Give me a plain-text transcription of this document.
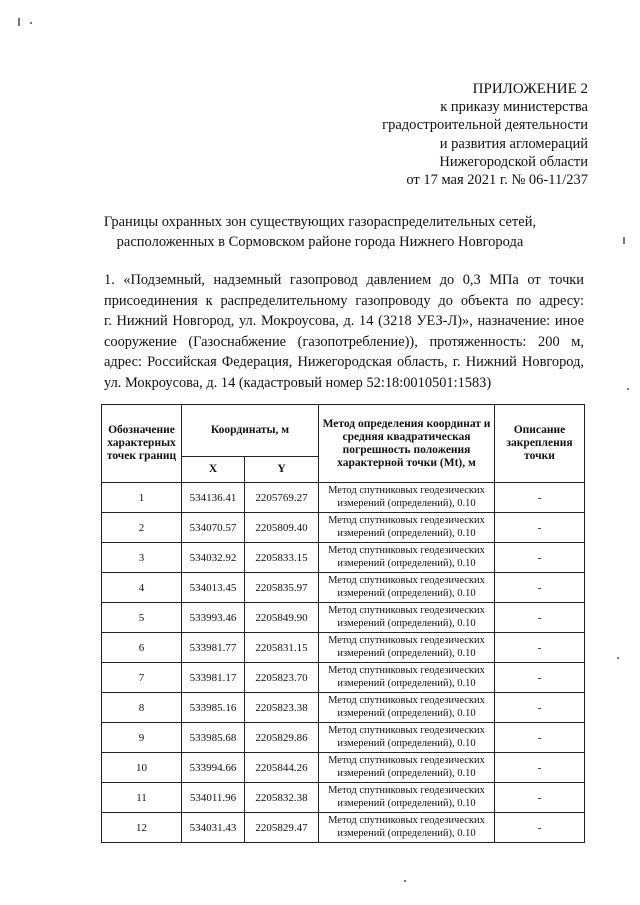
ПРИЛОЖЕНИЕ 2
к приказу министерства
градостроительной деятельности
и развития агломераций
Нижегородской области
от 17 мая 2021 г. № 06-11/237
Границы охранных зон существующих газораспределительных сетей,
расположенных в Сормовском районе города Нижнего Новгорода
1. «Подземный, надземный газопровод давлением до 0,3 МПа от точки
присоединения к распределительному газопроводу до объекта по адресу:
г. Нижний Новгород, ул. Мокроусова, д. 14 (3218 УЕЗ-Л)», назначение: иное
сооружение (Газоснабжение (газопотребление)), протяженность: 200 м,
адрес: Российская Федерация, Нижегородская область, г. Нижний Новгород,
ул. Мокроусова, д. 14 (кадастровый номер 52:18:0010501:1583)
Обозначение характерных точек границ	Координаты, м		Метод определения координат и средняя квадратическая погрешность положения характерной точки (Mt), м	Описание закрепления точки
	X	Y		
1	534136.41	2205769.27	Метод спутниковых геодезических измерений (определений), 0.10	-
2	534070.57	2205809.40	Метод спутниковых геодезических измерений (определений), 0.10	-
3	534032.92	2205833.15	Метод спутниковых геодезических измерений (определений), 0.10	-
4	534013.45	2205835.97	Метод спутниковых геодезических измерений (определений), 0.10	-
5	533993.46	2205849.90	Метод спутниковых геодезических измерений (определений), 0.10	-
6	533981.77	2205831.15	Метод спутниковых геодезических измерений (определений), 0.10	-
7	533981.17	2205823.70	Метод спутниковых геодезических измерений (определений), 0.10	-
8	533985.16	2205823.38	Метод спутниковых геодезических измерений (определений), 0.10	-
9	533985.68	2205829.86	Метод спутниковых геодезических измерений (определений), 0.10	-
10	533994.66	2205844.26	Метод спутниковых геодезических измерений (определений), 0.10	-
11	534011.96	2205832.38	Метод спутниковых геодезических измерений (определений), 0.10	-
12	534031.43	2205829.47	Метод спутниковых геодезических измерений (определений), 0.10	-
